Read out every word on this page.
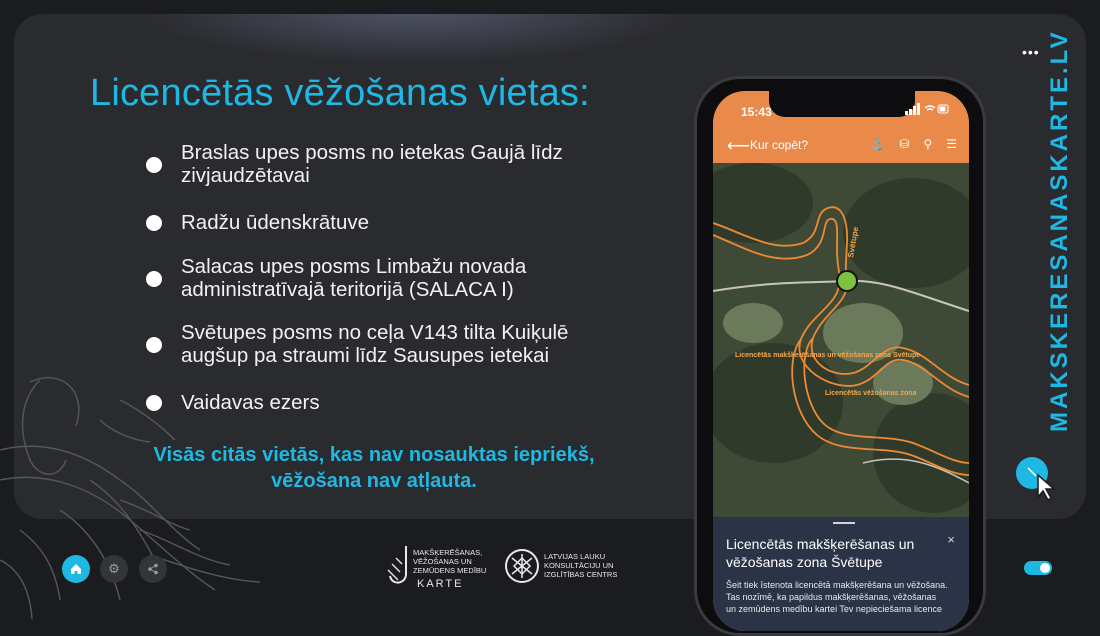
Licencētās vēžošanas vietas:
Braslas upes posms no ietekas Gaujā līdz zivjaudzētavai
Radžu ūdenskrātuve
Salacas upes posms Limbažu novada administratīvajā teritorijā (SALACA I)
Svētupes posms no ceļa V143 tilta Kuiķulē augšup pa straumi līdz Sausupes ietekai
Vaidavas ezers
Visās citās vietās, kas nav nosauktas iepriekš,
vēžošana nav atļauta.
15:43
⟵ Kur copēt?	⚓ ⛁ ⚲ ☰
Svētupe
Licencētās makšķerēšanas un vēžošanas zona Svētupe
Licencētās vēžošanas zona
Licencētās makšķerēšanas un vēžošanas zona Švētupe
×
Šeit tiek īstenota licencētā makšķerēšana un vēžošana. Tas nozīmē, ka papildus makšķerēšanas, vēžošanas un zemūdens medību kartei Tev nepieciešama licence
••• MAKSKERESANASKARTE.LV
⚙
MAKŠĶERĒŠANAS, VĒŽOŠANAS UN ZEMŪDENS MEDĪBU
KARTE
LATVIJAS LAUKU KONSULTĀCIJU UN IZGLĪTĪBAS CENTRS
